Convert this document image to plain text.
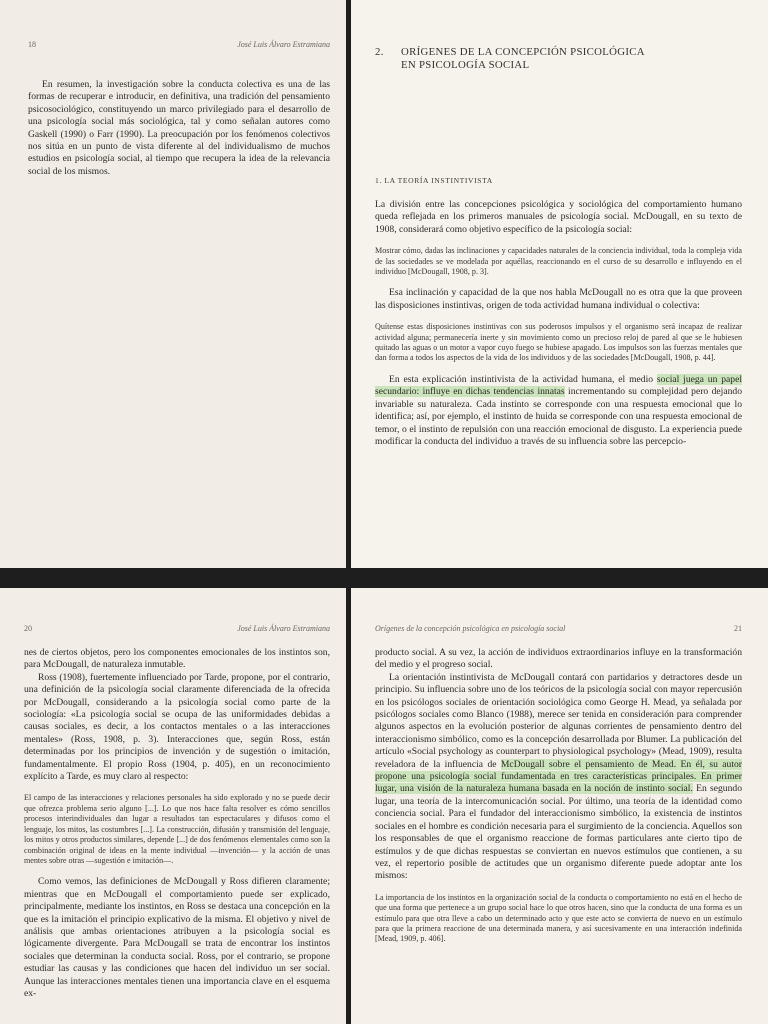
18	José Luis Álvaro Estramiana

En resumen, la investigación sobre la conducta colectiva es una de las formas de recuperar e introducir, en definitiva, una tradición del pensamiento psicosociológico, constituyendo un marco privilegiado para el desarrollo de una psicología social más sociológica, tal y como señalan autores como Gaskell (1990) o Farr (1990). La preocupación por los fenómenos colectivos nos sitúa en un punto de vista diferente al del individualismo de muchos estudios en psicología social, al tiempo que recupera la idea de la relevancia social de los mismos.

2.	ORÍGENES DE LA CONCEPCIÓN PSICOLÓGICA
EN PSICOLOGÍA SOCIAL
1. LA TEORÍA INSTINTIVISTA

La división entre las concepciones psicológica y sociológica del comportamiento humano queda reflejada en los primeros manuales de psicología social. McDougall, en su texto de 1908, considerará como objetivo específico de la psicología social:

Mostrar cómo, dadas las inclinaciones y capacidades naturales de la conciencia individual, toda la compleja vida de las sociedades se ve modelada por aquéllas, reaccionando en el curso de su desarrollo e influyendo en el individuo [McDougall, 1908, p. 3].

Esa inclinación y capacidad de la que nos habla McDougall no es otra que la que proveen las disposiciones instintivas, origen de toda actividad humana individual o colectiva:

Quítense estas disposiciones instintivas con sus poderosos impulsos y el organismo será incapaz de realizar actividad alguna; permanecería inerte y sin movimiento como un precioso reloj de pared al que se le hubiesen quitado las aguas o un motor a vapor cuyo fuego se hubiese apagado. Los impulsos son las fuerzas mentales que dan forma a todos los aspectos de la vida de los individuos y de las sociedades [McDougall, 1908, p. 44].

En esta explicación instintivista de la actividad humana, el medio social juega un papel secundario: influye en dichas tendencias innatas incrementando su complejidad pero dejando invariable su naturaleza. Cada instinto se corresponde con una respuesta emocional que lo identifica; así, por ejemplo, el instinto de huida se corresponde con una respuesta emocional de temor, o el instinto de repulsión con una reacción emocional de disgusto. La experiencia puede modificar la conducta del individuo a través de su influencia sobre las percepcio-

20	José Luis Álvaro Estramiana

nes de ciertos objetos, pero los componentes emocionales de los instintos son, para McDougall, de naturaleza inmutable.

Ross (1908), fuertemente influenciado por Tarde, propone, por el contrario, una definición de la psicología social claramente diferenciada de la ofrecida por McDougall, considerando a la psicología social como parte de la sociología: «La psicología social se ocupa de las uniformidades debidas a causas sociales, es decir, a los contactos mentales o a las interacciones mentales» (Ross, 1908, p. 3). Interacciones que, según Ross, están determinadas por los principios de invención y de sugestión o imitación, fundamentalmente. El propio Ross (1904, p. 405), en un reconocimiento explícito a Tarde, es muy claro al respecto:

El campo de las interacciones y relaciones personales ha sido explorado y no se puede decir que ofrezca problema serio alguno [...]. Lo que nos hace falta resolver es cómo sencillos procesos interindividuales dan lugar a resultados tan espectaculares y difusos como el lenguaje, los mitos, las costumbres [...]. La construcción, difusión y transmisión del lenguaje, los mitos y otros productos similares, depende [...] de dos fenómenos elementales como son la combinación original de ideas en la mente individual —invención— y la acción de unas mentes sobre otras —sugestión e imitación—.

Como vemos, las definiciones de McDougall y Ross difieren claramente; mientras que en McDougall el comportamiento puede ser explicado, principalmente, mediante los instintos, en Ross se destaca una concepción en la que es la imitación el principio explicativo de la misma. El objetivo y nivel de análisis que ambas orientaciones atribuyen a la psicología social es lógicamente divergente. Para McDougall se trata de encontrar los instintos sociales que determinan la conducta social. Ross, por el contrario, se propone estudiar las causas y las condiciones que hacen del individuo un ser social. Aunque las interacciones mentales tienen una importancia clave en el esquema ex-

Orígenes de la concepción psicológica en psicología social	21

producto social. A su vez, la acción de individuos extraordinarios influye en la transformación del medio y el progreso social.

La orientación instintivista de McDougall contará con partidarios y detractores desde un principio. Su influencia sobre uno de los teóricos de la psicología social con mayor repercusión en los psicólogos sociales de orientación sociológica como George H. Mead, ya señalada por psicólogos sociales como Blanco (1988), merece ser tenida en consideración para comprender algunos aspectos en la evolución posterior de algunas corrientes de pensamiento dentro del interaccionismo simbólico, como es la concepción desarrollada por Blumer. La publicación del artículo «Social psychology as counterpart to physiological psychology» (Mead, 1909), resulta reveladora de la influencia de McDougall sobre el pensamiento de Mead. En él, su autor propone una psicología social fundamentada en tres características principales. En primer lugar, una visión de la naturaleza humana basada en la noción de instinto social. En segundo lugar, una teoría de la intercomunicación social. Por último, una teoría de la identidad como conciencia social. Para el fundador del interaccionismo simbólico, la existencia de instintos sociales en el hombre es condición necesaria para el surgimiento de la conciencia. Aquellos son los responsables de que el organismo reaccione de formas particulares ante cierto tipo de estímulos y de que dichas respuestas se conviertan en nuevos estímulos que contienen, a su vez, el repertorio posible de actitudes que un organismo diferente puede adoptar ante los mismos:

La importancia de los instintos en la organización social de la conducta o comportamiento no está en el hecho de que una forma que pertenece a un grupo social hace lo que otros hacen, sino que la conducta de una forma es un estímulo para que otra lleve a cabo un determinado acto y que este acto se convierta de nuevo en un estímulo para que la primera reaccione de una determinada manera, y así sucesivamente en una interacción indefinida [Mead, 1909, p. 406].
